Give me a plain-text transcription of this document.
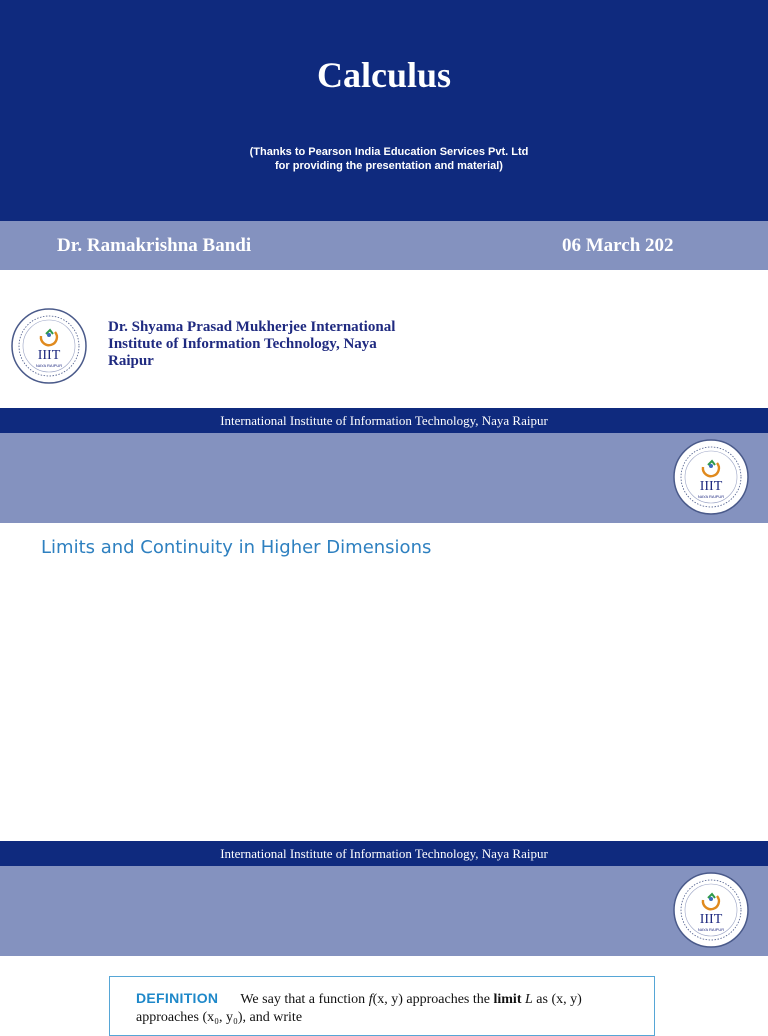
Calculus
(Thanks to Pearson India Education Services Pvt. Ltd
for providing the presentation and material)
Dr. Ramakrishna Bandi	06 March 202
IIIT
NAYA RAIPUR
Dr. Shyama Prasad Mukherjee International
Institute of Information Technology, Naya
Raipur
International Institute of Information Technology, Naya Raipur
IIIT
NAYA RAIPUR
Limits and Continuity in Higher Dimensions
International Institute of Information Technology, Naya Raipur
IIIT
NAYA RAIPUR
DEFINITION We say that a function f(x, y) approaches the limit L as (x, y)
approaches (x₀, y₀), and write
